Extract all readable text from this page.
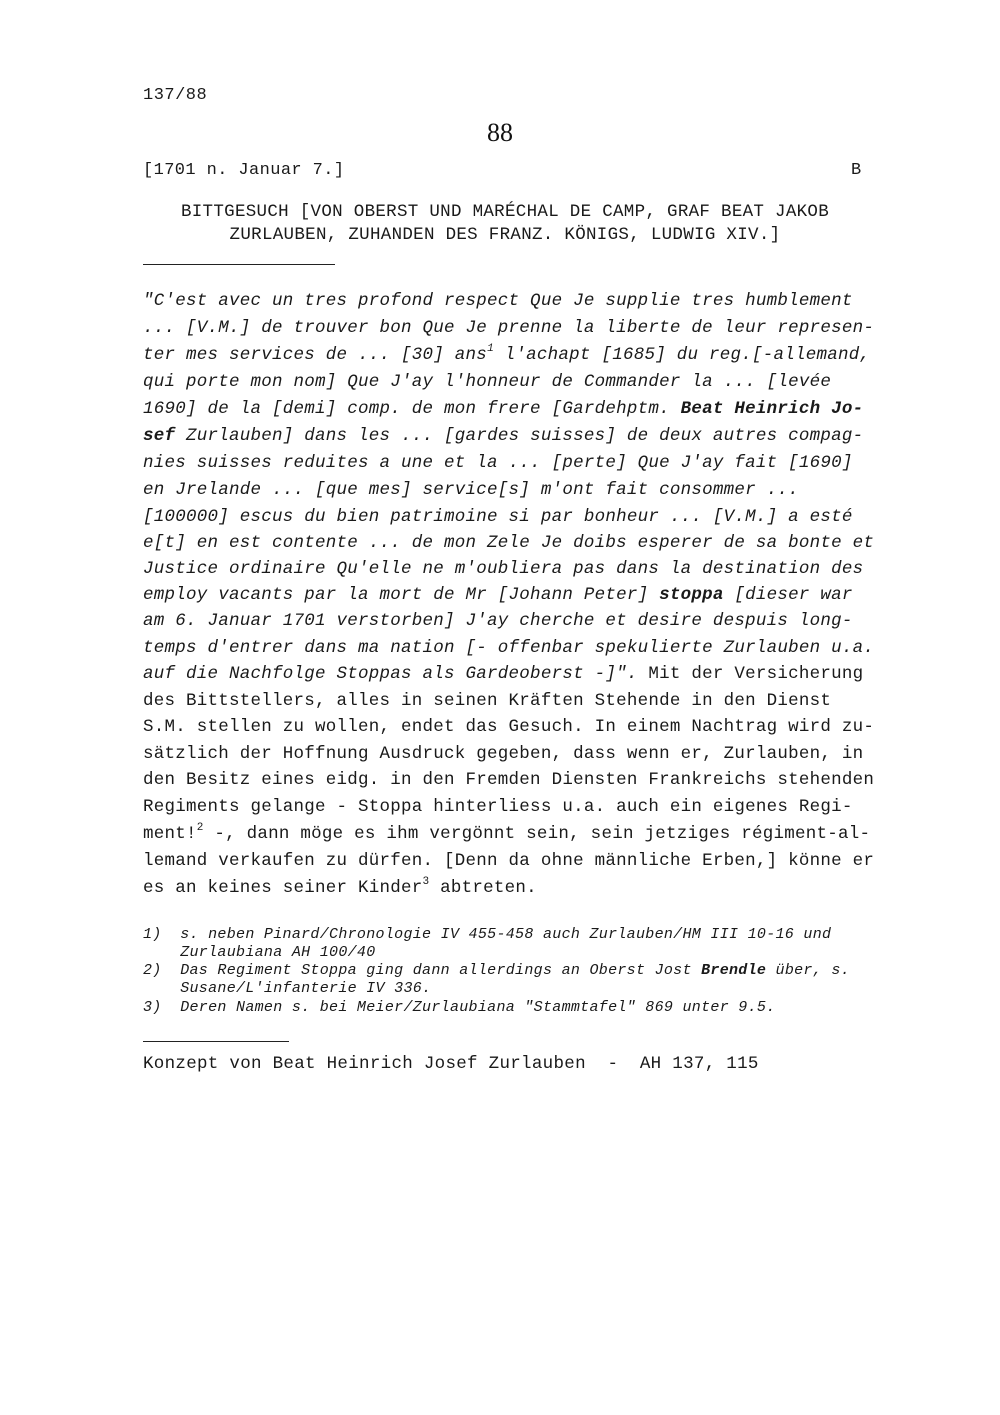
137/88
88
[1701 n. Januar 7.]	B
BITTGESUCH [VON OBERST UND MARÉCHAL DE CAMP, GRAF BEAT JAKOB
ZURLAUBEN, ZUHANDEN DES FRANZ. KÖNIGS, LUDWIG XIV.]
"C'est avec un tres profond respect Que Je supplie tres humblement
... [V.M.] de trouver bon Que Je prenne la liberte de leur represen-
ter mes services de ... [30] ans$^1$ l'achapt [1685] du reg.[-allemand,
qui porte mon nom] Que J'ay l'honneur de Commander la ... [levée
1690] de la [demi] comp. de mon frere [Gardehptm. Beat Heinrich Jo-
sef Zurlauben] dans les ... [gardes suisses] de deux autres compag-
nies suisses reduites a une et la ... [perte] Que J'ay fait [1690]
en Jrelande ... [que mes] service[s] m'ont fait consommer ...
[100000] escus du bien patrimoine si par bonheur ... [V.M.] a esté
e[t] en est contente ... de mon Zele Je doibs esperer de sa bonte et
Justice ordinaire Qu'elle ne m'oubliera pas dans la destination des
employ vacants par la mort de Mr [Johann Peter] stoppa [dieser war
am 6. Januar 1701 verstorben] J'ay cherche et desire despuis long-
temps d'entrer dans ma nation [- offenbar spekulierte Zurlauben u.a.
auf die Nachfolge Stoppas als Gardeoberst -]". Mit der Versicherung
des Bittstellers, alles in seinen Kräften Stehende in den Dienst
S.M. stellen zu wollen, endet das Gesuch. In einem Nachtrag wird zu-
sätzlich der Hoffnung Ausdruck gegeben, dass wenn er, Zurlauben, in
den Besitz eines eidg. in den Fremden Diensten Frankreichs stehenden
Regiments gelange - Stoppa hinterliess u.a. auch ein eigenes Regi-
ment!$^2$ -, dann möge es ihm vergönnt sein, sein jetziges régiment-al-
lemand verkaufen zu dürfen. [Denn da ohne männliche Erben,] könne er
es an keines seiner Kinder$^3$ abtreten.
1)  s. neben Pinard/Chronologie IV 455-458 auch Zurlauben/HM III 10-16 und
Zurlaubiana AH 100/40
2)  Das Regiment Stoppa ging dann allerdings an Oberst Jost Brendle über, s.
Susane/L'infanterie IV 336.
3)  Deren Namen s. bei Meier/Zurlaubiana "Stammtafel" 869 unter 9.5.
Konzept von Beat Heinrich Josef Zurlauben  -  AH 137, 115
